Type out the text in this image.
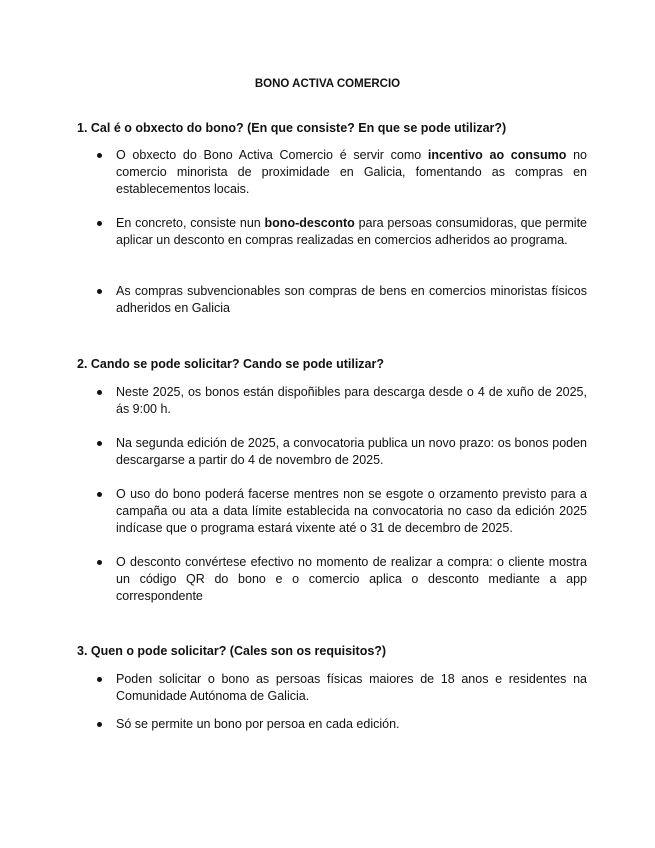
BONO ACTIVA COMERCIO

1. Cal é o obxecto do bono? (En que consiste? En que se pode utilizar?)

O obxecto do Bono Activa Comercio é servir como incentivo ao consumo no comercio minorista de proximidade en Galicia, fomentando as compras en establecementos locais.
En concreto, consiste nun bono-desconto para persoas consumidoras, que permite aplicar un desconto en compras realizadas en comercios adheridos ao programa.
As compras subvencionables son compras de bens en comercios minoristas físicos adheridos en Galicia

2. Cando se pode solicitar? Cando se pode utilizar?

Neste 2025, os bonos están dispoñibles para descarga desde o 4 de xuño de 2025, ás 9:00 h.
Na segunda edición de 2025, a convocatoria publica un novo prazo: os bonos poden descargarse a partir do 4 de novembro de 2025.
O uso do bono poderá facerse mentres non se esgote o orzamento previsto para a campaña ou ata a data límite establecida na convocatoria no caso da edición 2025 indícase que o programa estará vixente até o 31 de decembro de 2025.
O desconto convértese efectivo no momento de realizar a compra: o cliente mostra un código QR do bono e o comercio aplica o desconto mediante a app correspondente

3. Quen o pode solicitar? (Cales son os requisitos?)

Poden solicitar o bono as persoas físicas maiores de 18 anos e residentes na Comunidade Autónoma de Galicia.
Só se permite un bono por persoa en cada edición.
